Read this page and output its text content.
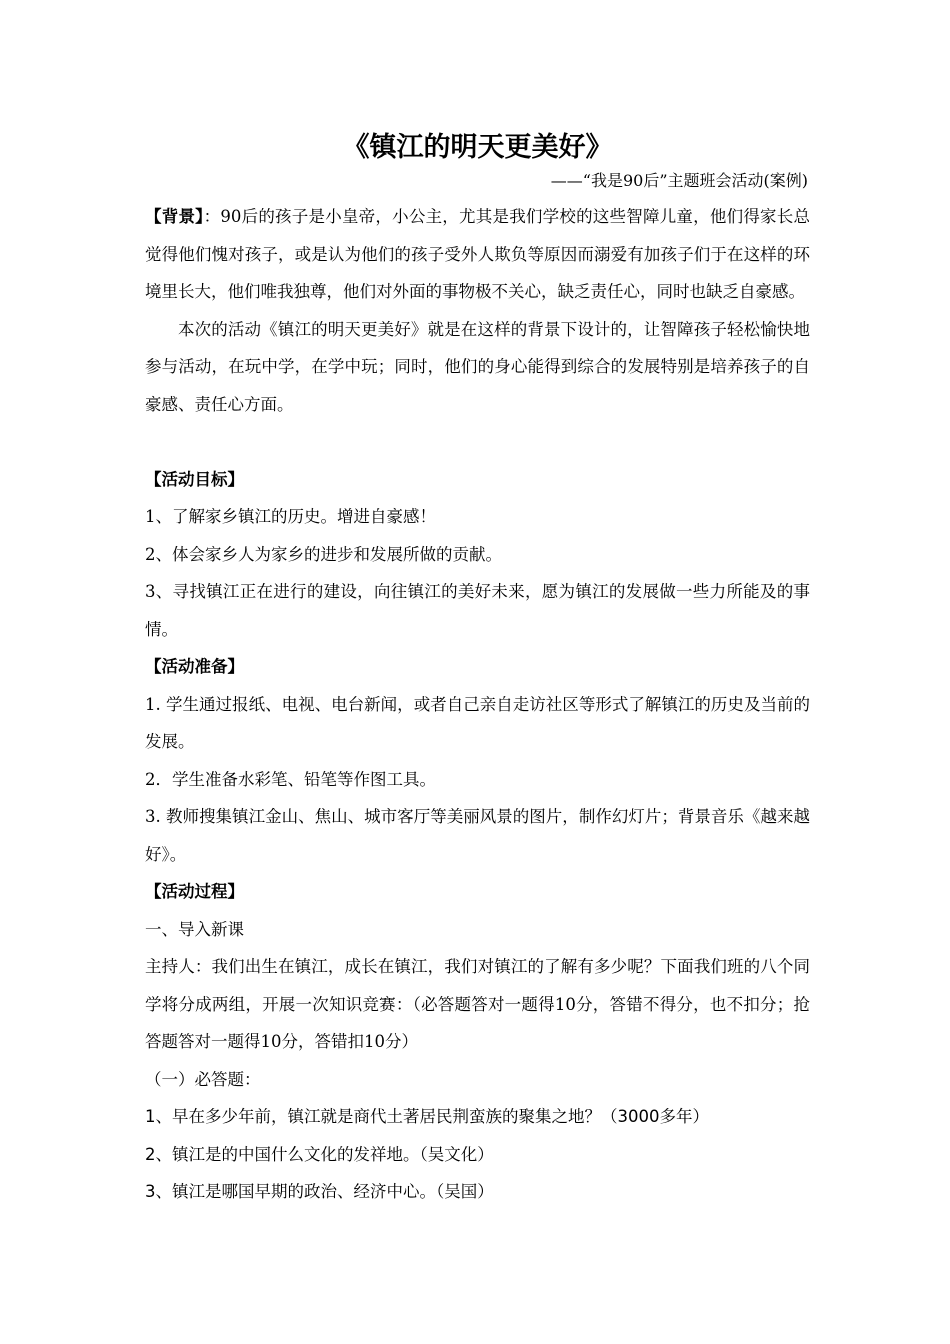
《镇江的明天更美好》
——“我是90后”主题班会活动(案例)

【背景】：90后的孩子是小皇帝，小公主，尤其是我们学校的这些智障儿童，他们得家长总觉得他们愧对孩子，或是认为他们的孩子受外人欺负等原因而溺爱有加孩子们于在这样的环境里长大，他们唯我独尊，他们对外面的事物极不关心，缺乏责任心，同时也缺乏自豪感。

本次的活动《镇江的明天更美好》就是在这样的背景下设计的，让智障孩子轻松愉快地参与活动，在玩中学，在学中玩；同时，他们的身心能得到综合的发展特别是培养孩子的自豪感、责任心方面。

【活动目标】

1、了解家乡镇江的历史。增进自豪感！

2、体会家乡人为家乡的进步和发展所做的贡献。

3、寻找镇江正在进行的建设，向往镇江的美好未来，愿为镇江的发展做一些力所能及的事情。

【活动准备】

1. 学生通过报纸、电视、电台新闻，或者自己亲自走访社区等形式了解镇江的历史及当前的发展。

2．学生准备水彩笔、铅笔等作图工具。

3. 教师搜集镇江金山、焦山、城市客厅等美丽风景的图片，制作幻灯片；背景音乐《越来越好》。

【活动过程】

一、导入新课

主持人：我们出生在镇江，成长在镇江，我们对镇江的了解有多少呢？下面我们班的八个同学将分成两组，开展一次知识竞赛：（必答题答对一题得10分，答错不得分，也不扣分；抢答题答对一题得10分，答错扣10分）

（一）必答题：

1、早在多少年前，镇江就是商代土著居民荆蛮族的聚集之地？（3000多年）

2、镇江是的中国什么文化的发祥地。（吴文化）

3、镇江是哪国早期的政治、经济中心。（吴国）
